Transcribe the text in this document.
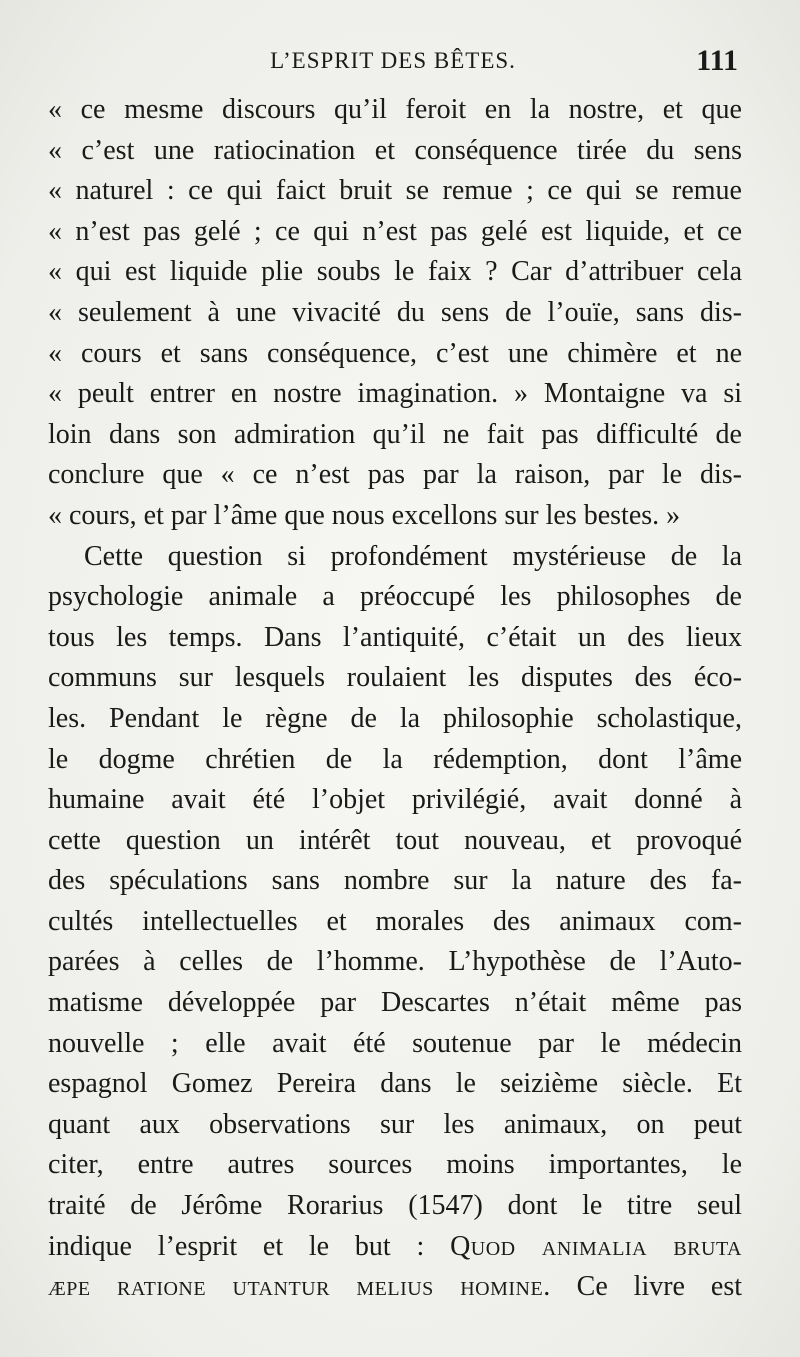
L’ESPRIT DES BÊTES.	111
« ce mesme discours qu’il feroit en la nostre, et que
« c’est une ratiocination et conséquence tirée du sens
« naturel : ce qui faict bruit se remue ; ce qui se remue
« n’est pas gelé ; ce qui n’est pas gelé est liquide, et ce
« qui est liquide plie soubs le faix ? Car d’attribuer cela
« seulement à une vivacité du sens de l’ouïe, sans dis-
« cours et sans conséquence, c’est une chimère et ne
« peult entrer en nostre imagination. » Montaigne va si
loin dans son admiration qu’il ne fait pas difficulté de
conclure que « ce n’est pas par la raison, par le dis-
« cours, et par l’âme que nous excellons sur les bestes. »
Cette question si profondément mystérieuse de la
psychologie animale a préoccupé les philosophes de
tous les temps. Dans l’antiquité, c’était un des lieux
communs sur lesquels roulaient les disputes des éco-
les. Pendant le règne de la philosophie scholastique,
le dogme chrétien de la rédemption, dont l’âme
humaine avait été l’objet privilégié, avait donné à
cette question un intérêt tout nouveau, et provoqué
des spéculations sans nombre sur la nature des fa-
cultés intellectuelles et morales des animaux com-
parées à celles de l’homme. L’hypothèse de l’Auto-
matisme développée par Descartes n’était même pas
nouvelle ; elle avait été soutenue par le médecin
espagnol Gomez Pereira dans le seizième siècle. Et
quant aux observations sur les animaux, on peut
citer, entre autres sources moins importantes, le
traité de Jérôme Rorarius (1547) dont le titre seul
indique l’esprit et le but : Quod animalia bruta
æpe ratione utantur melius homine. Ce livre est
